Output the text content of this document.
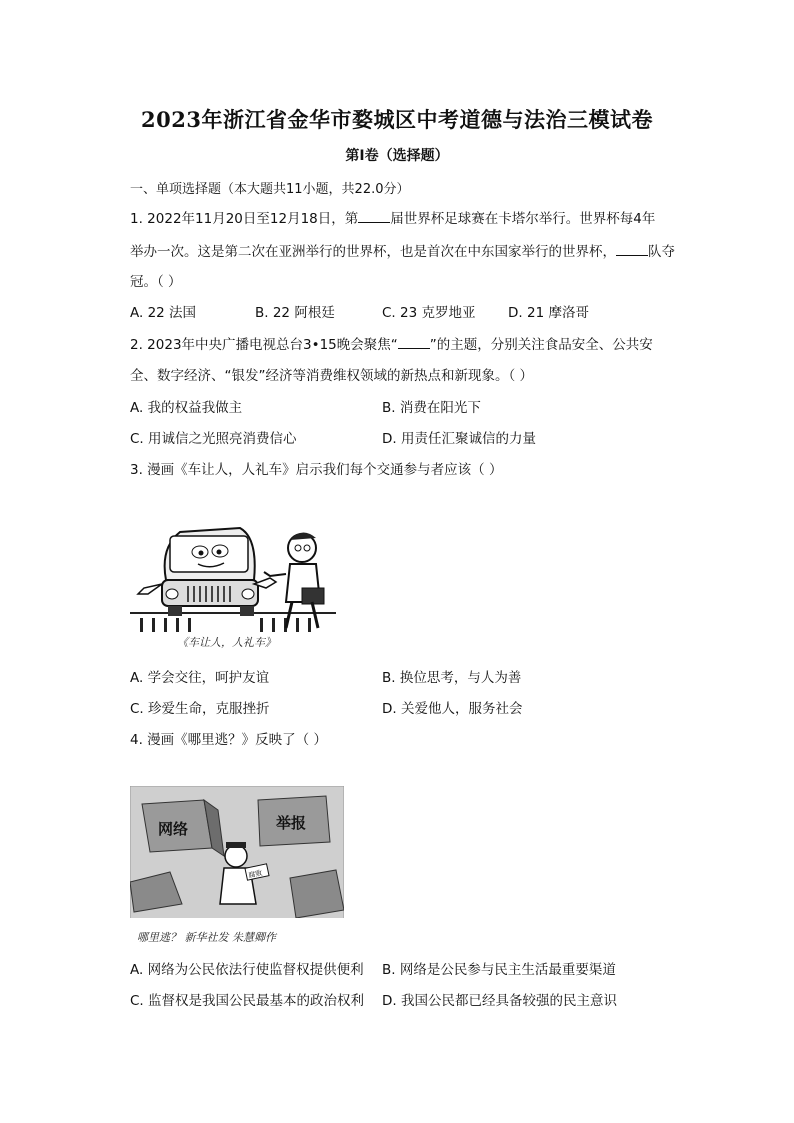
2023年浙江省金华市婺城区中考道德与法治三模试卷
第I卷（选择题）
一、单项选择题（本大题共11小题，共22.0分）
1. 2022年11月20日至12月18日，第 届世界杯足球赛在卡塔尔举行。世界杯每4年
举办一次。这是第二次在亚洲举行的世界杯，也是首次在中东国家举行的世界杯， 队夺
冠。（ ）
A. 22 法国	B. 22 阿根廷	C. 23 克罗地亚 D. 21 摩洛哥
2. 2023年中央广播电视总台3•15晚会聚焦“ ”的主题，分别关注食品安全、公共安
全、数字经济、“银发”经济等消费维权领域的新热点和新现象。（ ）
A. 我的权益我做主	B. 消费在阳光下
C. 用诚信之光照亮消费信心	D. 用责任汇聚诚信的力量
3. 漫画《车让人，人礼车》启示我们每个交通参与者应该（ ）
《车让人，人礼车》
A. 学会交往，呵护友谊	B. 换位思考，与人为善
C. 珍爱生命，克服挫折	D. 关爱他人，服务社会
4. 漫画《哪里逃？》反映了（ ）
网络	举报
腐败
哪里逃？ 新华社发 朱慧卿作
A. 网络为公民依法行使监督权提供便利 B. 网络是公民参与民主生活最重要渠道
C. 监督权是我国公民最基本的政治权利 D. 我国公民都已经具备较强的民主意识
